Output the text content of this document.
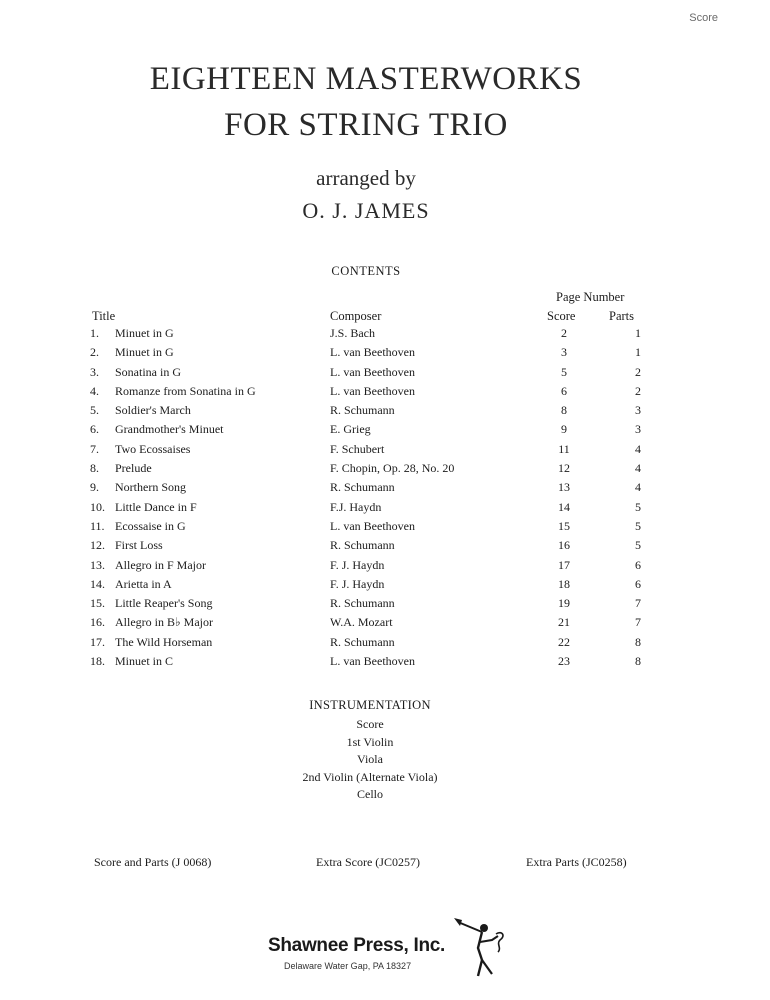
Score
EIGHTEEN MASTERWORKS
FOR STRING TRIO
arranged by
O. J. JAMES
CONTENTS
Page Number
Title	Composer	Score	Parts
1.	Minuet in G	J.S. Bach	2	1
2.	Minuet in G	L. van Beethoven	3	1
3.	Sonatina in G	L. van Beethoven	5	2
4.	Romanze from Sonatina in G	L. van Beethoven	6	2
5.	Soldier's March	R. Schumann	8	3
6.	Grandmother's Minuet	E. Grieg	9	3
7.	Two Ecossaises	F. Schubert	11	4
8.	Prelude	F. Chopin, Op. 28, No. 20	12	4
9.	Northern Song	R. Schumann	13	4
10. Little Dance in F	F.J. Haydn	14	5
11. Ecossaise in G	L. van Beethoven	15	5
12. First Loss	R. Schumann	16	5
13. Allegro in F Major	F. J. Haydn	17	6
14. Arietta in A	F. J. Haydn	18	6
15. Little Reaper's Song	R. Schumann	19	7
16. Allegro in B♭ Major	W.A. Mozart	21	7
17. The Wild Horseman	R. Schumann	22	8
18. Minuet in C	L. van Beethoven	23	8
INSTRUMENTATION
Score
1st Violin
Viola
2nd Violin (Alternate Viola)
Cello
Score and Parts (J 0068)	Extra Score (JC0257)	Extra Parts (JC0258)
Shawnee Press, Inc.
Delaware Water Gap, PA 18327
